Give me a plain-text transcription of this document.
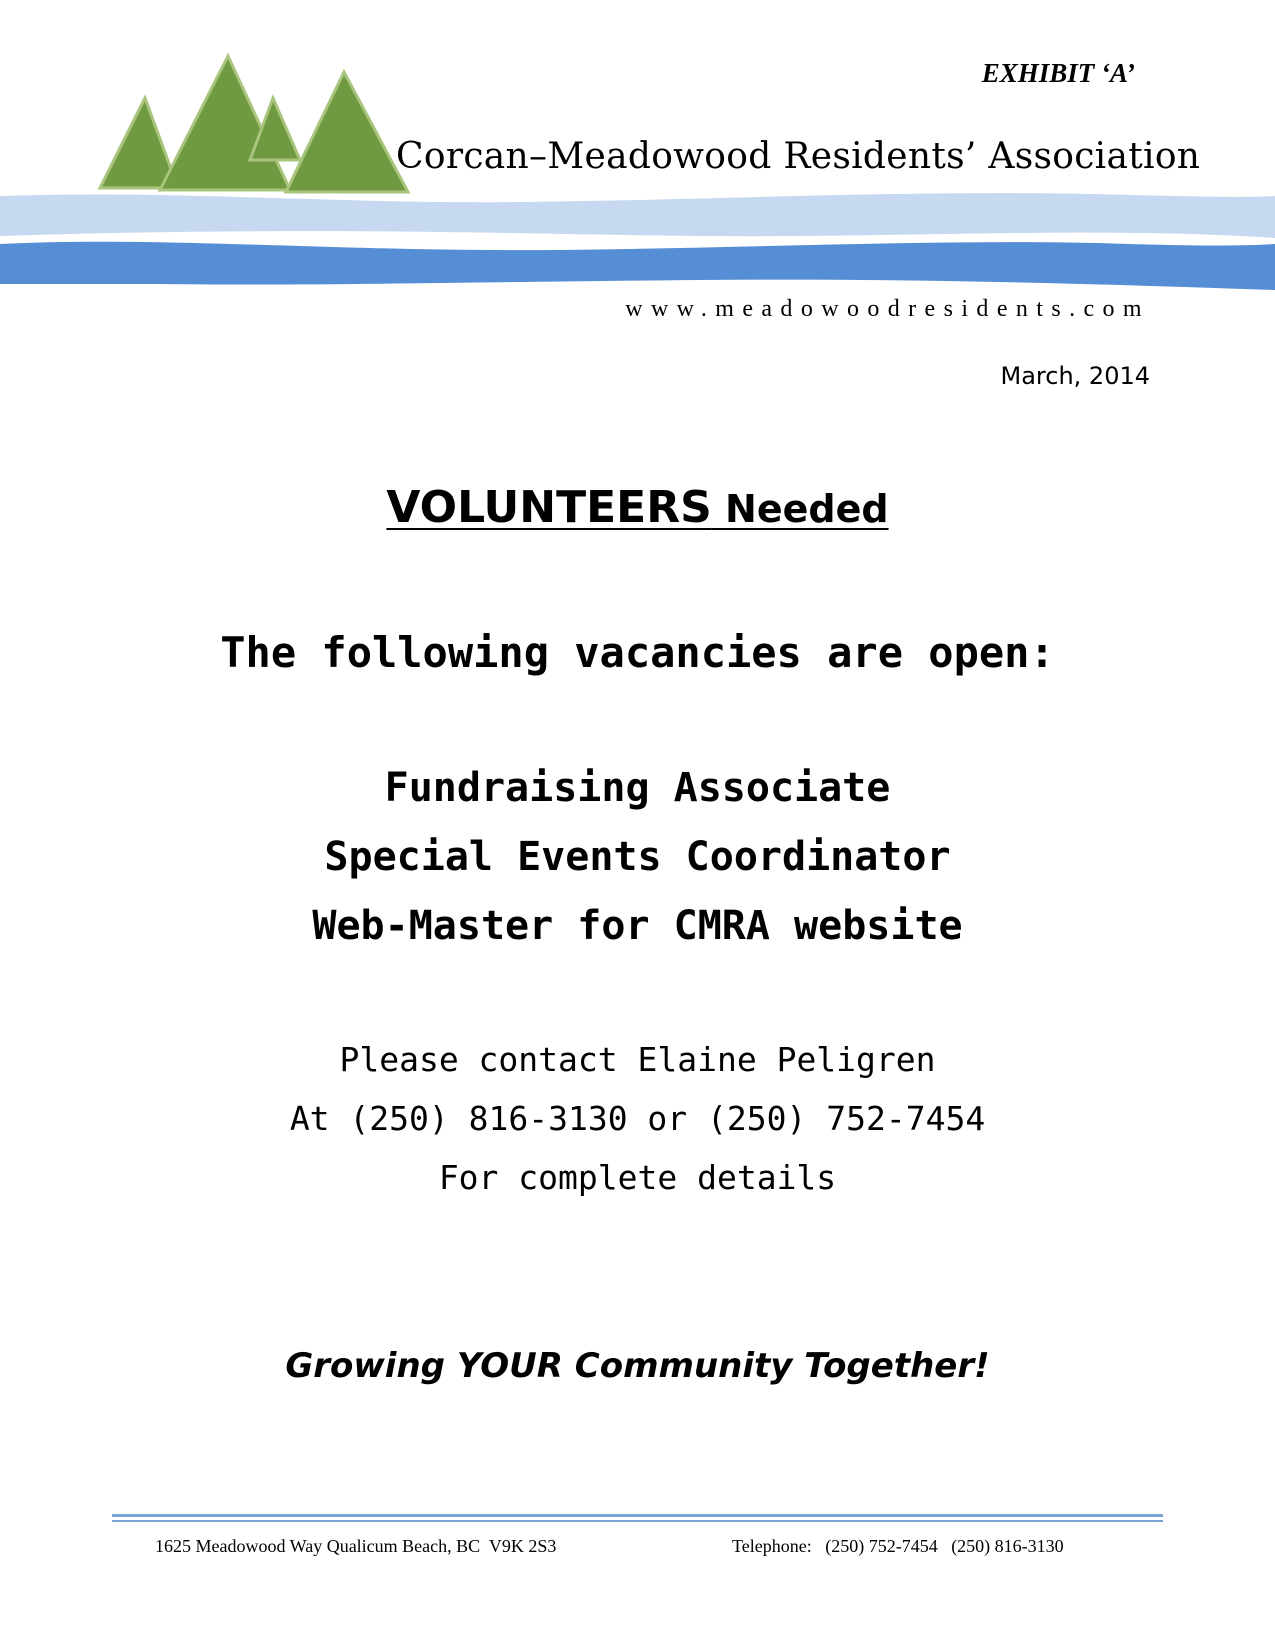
EXHIBIT ‘A’
Corcan–Meadowood Residents’ Association
www.meadowoodresidents.com
March, 2014
VOLUNTEERS Needed
The following vacancies are open:
Fundraising Associate
Special Events Coordinator
Web-Master for CMRA website
Please contact Elaine Peligren
At (250) 816-3130 or (250) 752-7454
For complete details
Growing YOUR Community Together!
1625 Meadowood Way Qualicum Beach, BC  V9K 2S3	Telephone:   (250) 752-7454   (250) 816-3130
